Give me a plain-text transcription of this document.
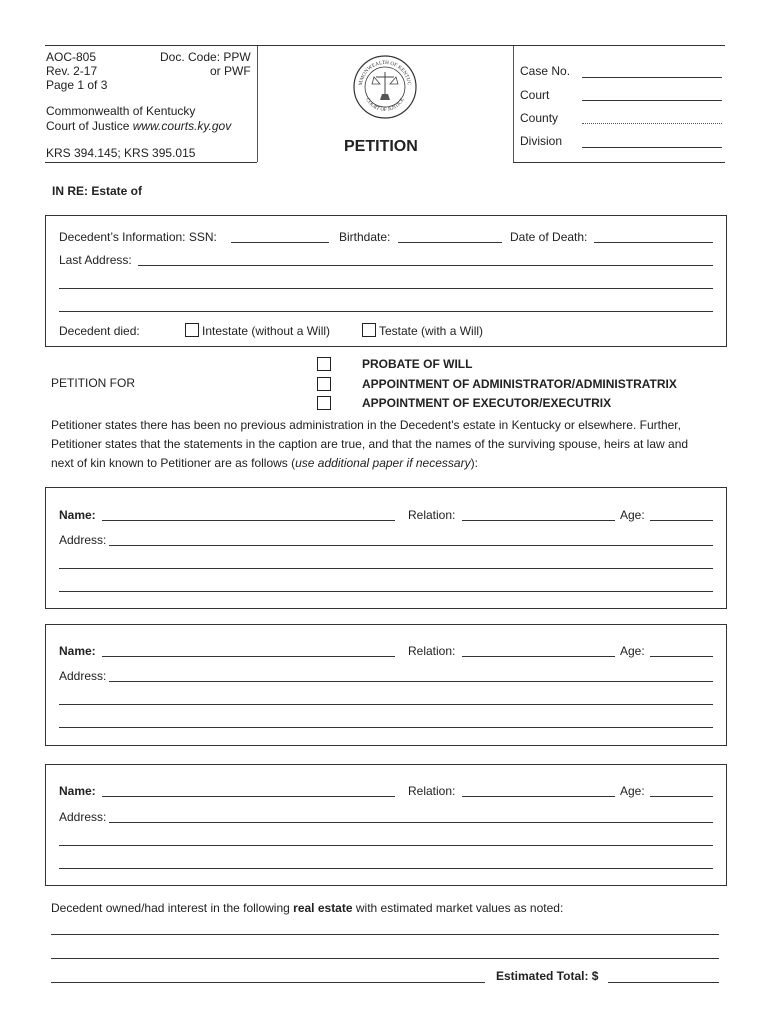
AOC-805
Rev. 2-17
Page 1 of 3
Doc. Code: PPW
or PWF
Commonwealth of Kentucky
Court of Justice www.courts.ky.gov
KRS 394.145; KRS 395.015
MMONWEALTH OF KENTUC
COURT OF JUSTICE
PETITION
Case No.
Court
County
Division
IN RE: Estate of
Decedent’s Information: SSN:	Birthdate:	Date of Death:
Last Address:
Decedent died:	Intestate (without a Will)	Testate (with a Will)
PETITION FOR
PROBATE OF WILL
APPOINTMENT OF ADMINISTRATOR/ADMINISTRATRIX
APPOINTMENT OF EXECUTOR/EXECUTRIX
Petitioner states there has been no previous administration in the Decedent's estate in Kentucky or elsewhere. Further,
Petitioner states that the statements in the caption are true, and that the names of the surviving spouse, heirs at law and
next of kin known to Petitioner are as follows (use additional paper if necessary):
Name:	Relation:	Age:
Address:
Name:	Relation:	Age:
Address:
Name:	Relation:	Age:
Address:
Decedent owned/had interest in the following real estate with estimated market values as noted:
Estimated Total: $
